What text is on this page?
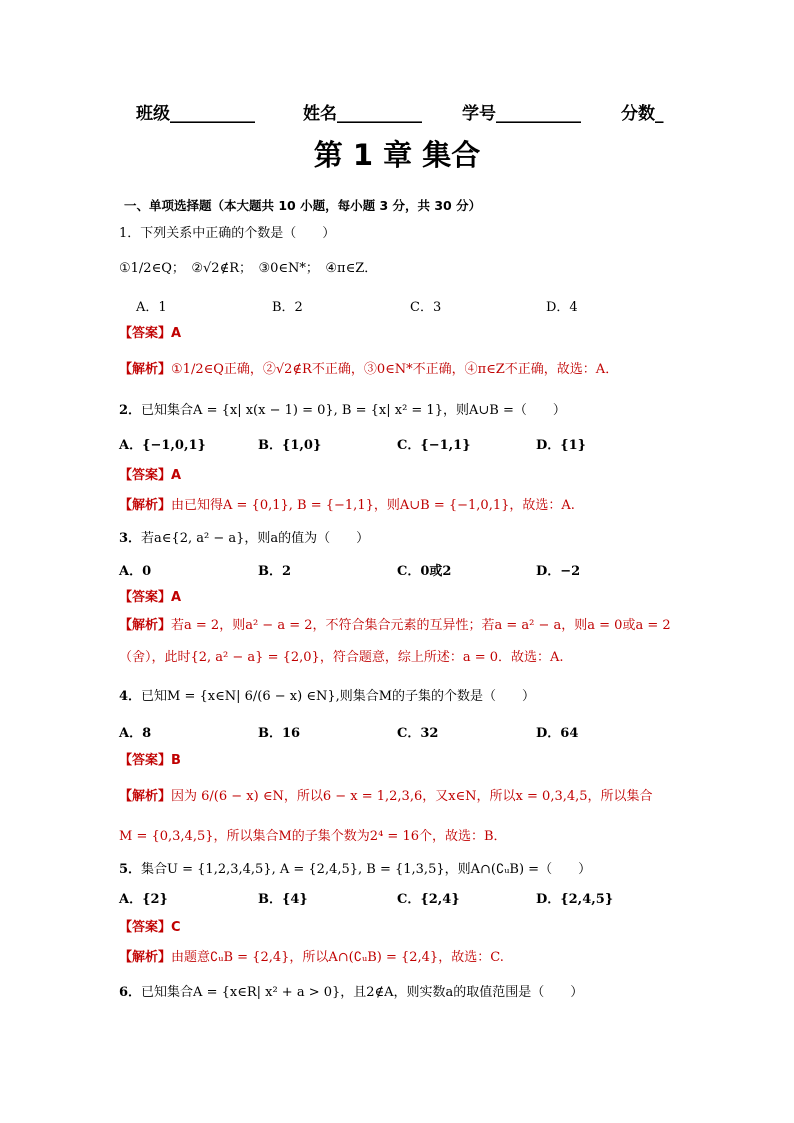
班级__________	姓名__________ 学号__________ 分数_
第 1 章 集合
一、单项选择题（本大题共 10 小题，每小题 3 分，共 30 分）
1．下列关系中正确的个数是（　　）
①1/2∈Q；　②√2∉R；　③0∈N*；　④π∈Z．
A．1	B．2	C．3	D．4
【答案】A
【解析】①1/2∈Q正确，②√2∉R不正确，③0∈N*不正确，④π∈Z不正确，故选：A．
2．已知集合A = {x| x(x − 1) = 0}, B = {x| x² = 1}，则A∪B =（　　）
A．{−1,0,1}	B．{1,0}	C．{−1,1}	D．{1}
【答案】A
【解析】由已知得A = {0,1}, B = {−1,1}，则A∪B = {−1,0,1}，故选：A.
3．若a∈{2, a² − a}，则a的值为（　　）
A．0	B．2	C．0或2	D．−2
【答案】A
【解析】若a = 2，则a² − a = 2，不符合集合元素的互异性；若a = a² − a，则a = 0或a = 2
（舍），此时{2, a² − a} = {2,0}，符合题意，综上所述：a = 0．故选：A.
4．已知M = {x∈N| 6/(6 − x) ∈N},则集合M的子集的个数是（　　）
A．8	B．16	C．32	D．64
【答案】B
【解析】因为 6/(6 − x) ∈N，所以6 − x = 1,2,3,6，又x∈N，所以x = 0,3,4,5，所以集合
M = {0,3,4,5}，所以集合M的子集个数为2⁴ = 16个，故选：B．
5．集合U = {1,2,3,4,5}, A = {2,4,5}, B = {1,3,5}，则A∩(∁ᵤB) =（　　）
A．{2}	B．{4}	C．{2,4}	D．{2,4,5}
【答案】C
【解析】由题意∁ᵤB = {2,4}，所以A∩(∁ᵤB) = {2,4}，故选：C.
6．已知集合A = {x∈R| x² + a > 0}，且2∉A，则实数a的取值范围是（　　）
